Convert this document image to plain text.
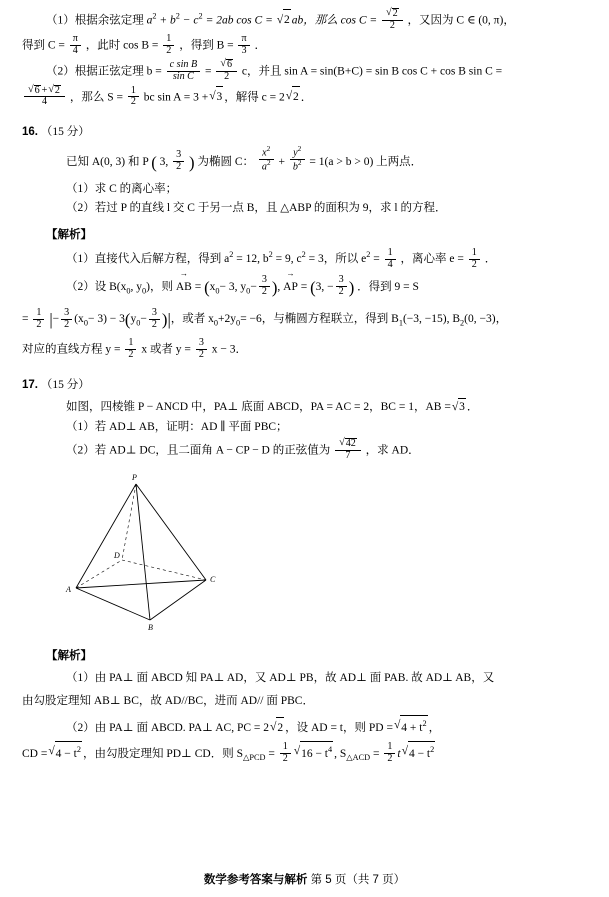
（1）根据余弦定理 $a^2 + b^2 - c^2 = 2ab$ cos C = √ 2 ab，那么 cos C = √ $\frac{2}{2}$ ，又因为 C ∈ (0, π)，
得到 $C = \frac{\pi}{4}$ ，此时 $\cos B = \frac{1}{2}$ ，得到 $B = \frac{\pi}{3}$ ．
（2）根据正弦定理 $b = \frac{\text{c sin B}}{\text{sin C}}$ = √ $\frac{6}{2}$ c，并且 sin A = sin(B+C) = sin B cos C + cos B sin C =
√ $\frac{6 + √ 2}{4}$ ，那么 $S = \frac{1}{2}$ bc sin A = 3 + √ 3 ，解得 c = 2 √ 2 ．
16. （15 分）
已知 A(0, 3) 和 P ( 3, $\frac{3}{2}$ ) 为椭圆 C： $\frac{x^2}{a^2} + \frac{y^2}{b^2} = 1(a > b > 0)$ 上两点．
（1）求 C 的离心率；
（2）若过 P 的直线 l 交 C 于另一点 B，且 △ABP 的面积为 9，求 l 的方程．
【解析】
（1）直接代入后解方程，得到 $a^2 = 12$, $b^2 = 9$, $c^2 = 3$，所以 $e^2 = \frac{1}{4}$ ，离心率 $e = \frac{1}{2}$ ．
（2）设 $B(x_0$, $y_0$)，则 → AB = ($x_0- 3$, $y_0- \frac{3}{2}$ ), → AP = (3, − $\frac{3}{2}$ ) ．得到 9 = S
= $\frac{1}{2}$ |− $\frac{3}{2} (x_0- 3) - 3(y_0- \frac{3}{2}$ )|，或者 $x_0+2y_0= -6$，与椭圆方程联立，得到 $B_1(-3$, −15), $B_2(0$, −3)，
对应的直线方程 $y = \frac{1}{2}$ x 或者 $y = \frac{3}{2}$ x − 3．
17. （15 分）
如图，四棱锥 P − ANCD 中，PA⊥ 底面 ABCD，PA = AC = 2，BC = 1，AB = √ 3 ．
（1）若 AD⊥ AB，证明：AD ∥ 平面 PBC；
（2）若 AD⊥ DC，且二面角 A − CP − D 的正弦值为 √ $\frac{42}{7}$ ，求 AD．
P
D
A
C
B
【解析】
（1）由 PA⊥ 面 ABCD 知 PA⊥ AD，又 AD⊥ PB，故 AD⊥ 面 PAB. 故 AD⊥ AB，又
由勾股定理知 AB⊥ BC，故 AD//BC，进而 AD// 面 PBC．
（2）由 PA⊥ 面 ABCD. PA⊥ AC, PC = 2 √ 2 ，设 AD = t，则 PD = √ $4 + t^2$ ，
CD = √ $4 - t^2$ ，由勾股定理知 PD⊥ CD．则 $S_{\triangle PCD} = \frac{1}{2}$ √ $16 - t^4$ , $S_{\triangle ACD} = \frac{1}{2}$ t √ $4 - t^2$
数学参考答案与解析 第 5 页（共 7 页）
